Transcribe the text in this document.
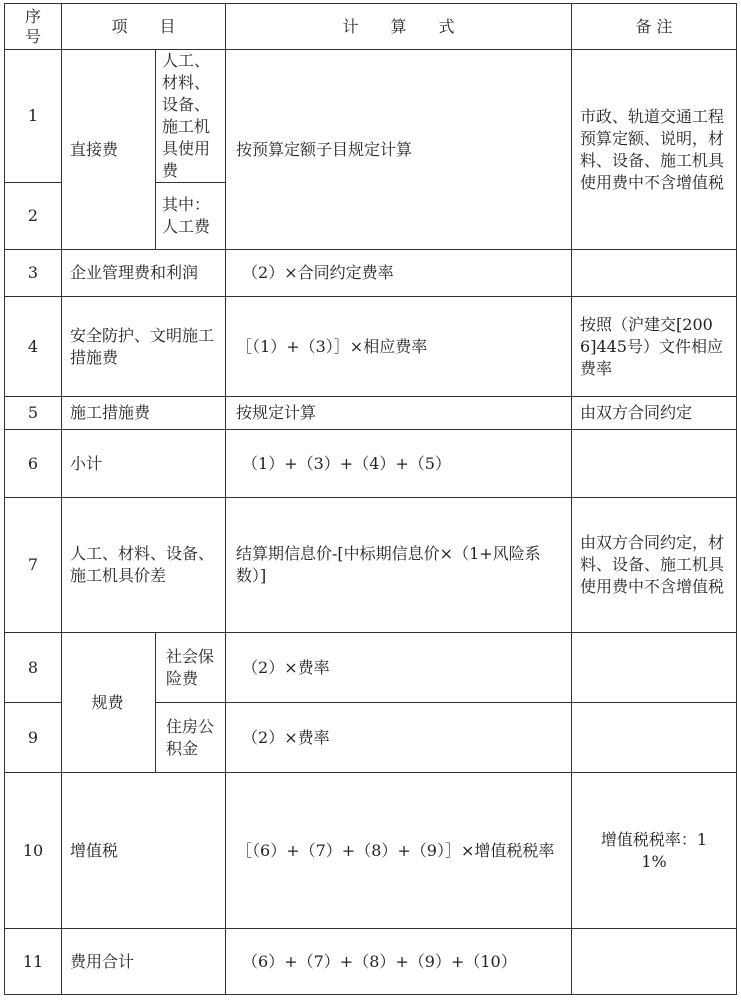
序号	项　　目		计　　算　　式	备 注
1	直接费	人工、材料、设备、施工机具使用费	按预算定额子目规定计算	市政、轨道交通工程预算定额、说明，材料、设备、施工机具使用费中不含增值税
2		其中：人工费		
3	企业管理费和利润		（2）×合同约定费率	
4	安全防护、文明施工措施费		［（1）+（3）］×相应费率	按照（沪建交[2006]445号）文件相应费率
5	施工措施费		按规定计算	由双方合同约定
6	小计		（1）+（3）+（4）+（5）	
7	人工、材料、设备、施工机具价差		结算期信息价-[中标期信息价×（1+风险系数）]	由双方合同约定，材料、设备、施工机具使用费中不含增值税
8	规费	社会保险费	（2）×费率	
9		住房公积金	（2）×费率	
10	增值税		［（6）+（7）+（8）+（9）］×增值税税率	增值税税率：11%
11	费用合计		（6）+（7）+（8）+（9）+（10）	
